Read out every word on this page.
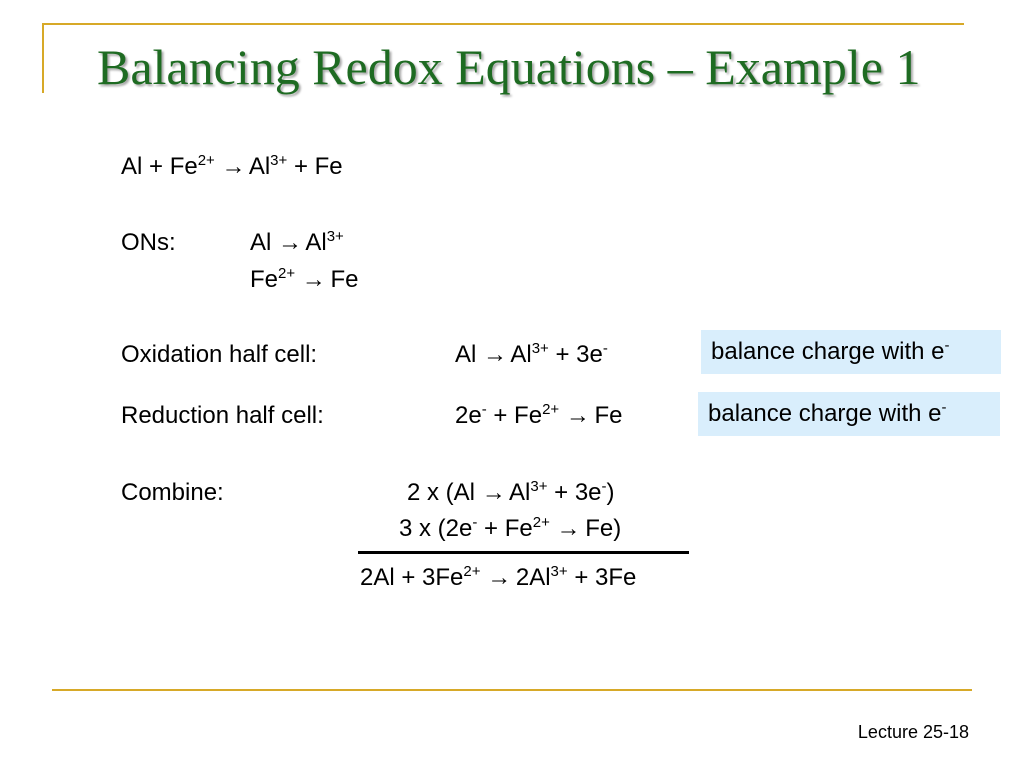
Balancing Redox Equations – Example 1
$Al + Fe^{2+} \to Al^{3+} + Fe$
ONs:	$Al \to Al^{3+}$
$Fe^{2+} \to Fe$
Oxidation half cell:	$Al \to Al^{3+} + 3e^-$	balance charge with e-
Reduction half cell:	$2e^- + Fe^{2+} \to Fe$	balance charge with e-
Combine:	2 x $(Al \to Al^{3+} + 3e^-)$
3 x $(2e^- + Fe^{2+} \to Fe)$
$2Al + 3Fe^{2+} \to 2Al^{3+} + 3Fe$
Lecture 25-18
